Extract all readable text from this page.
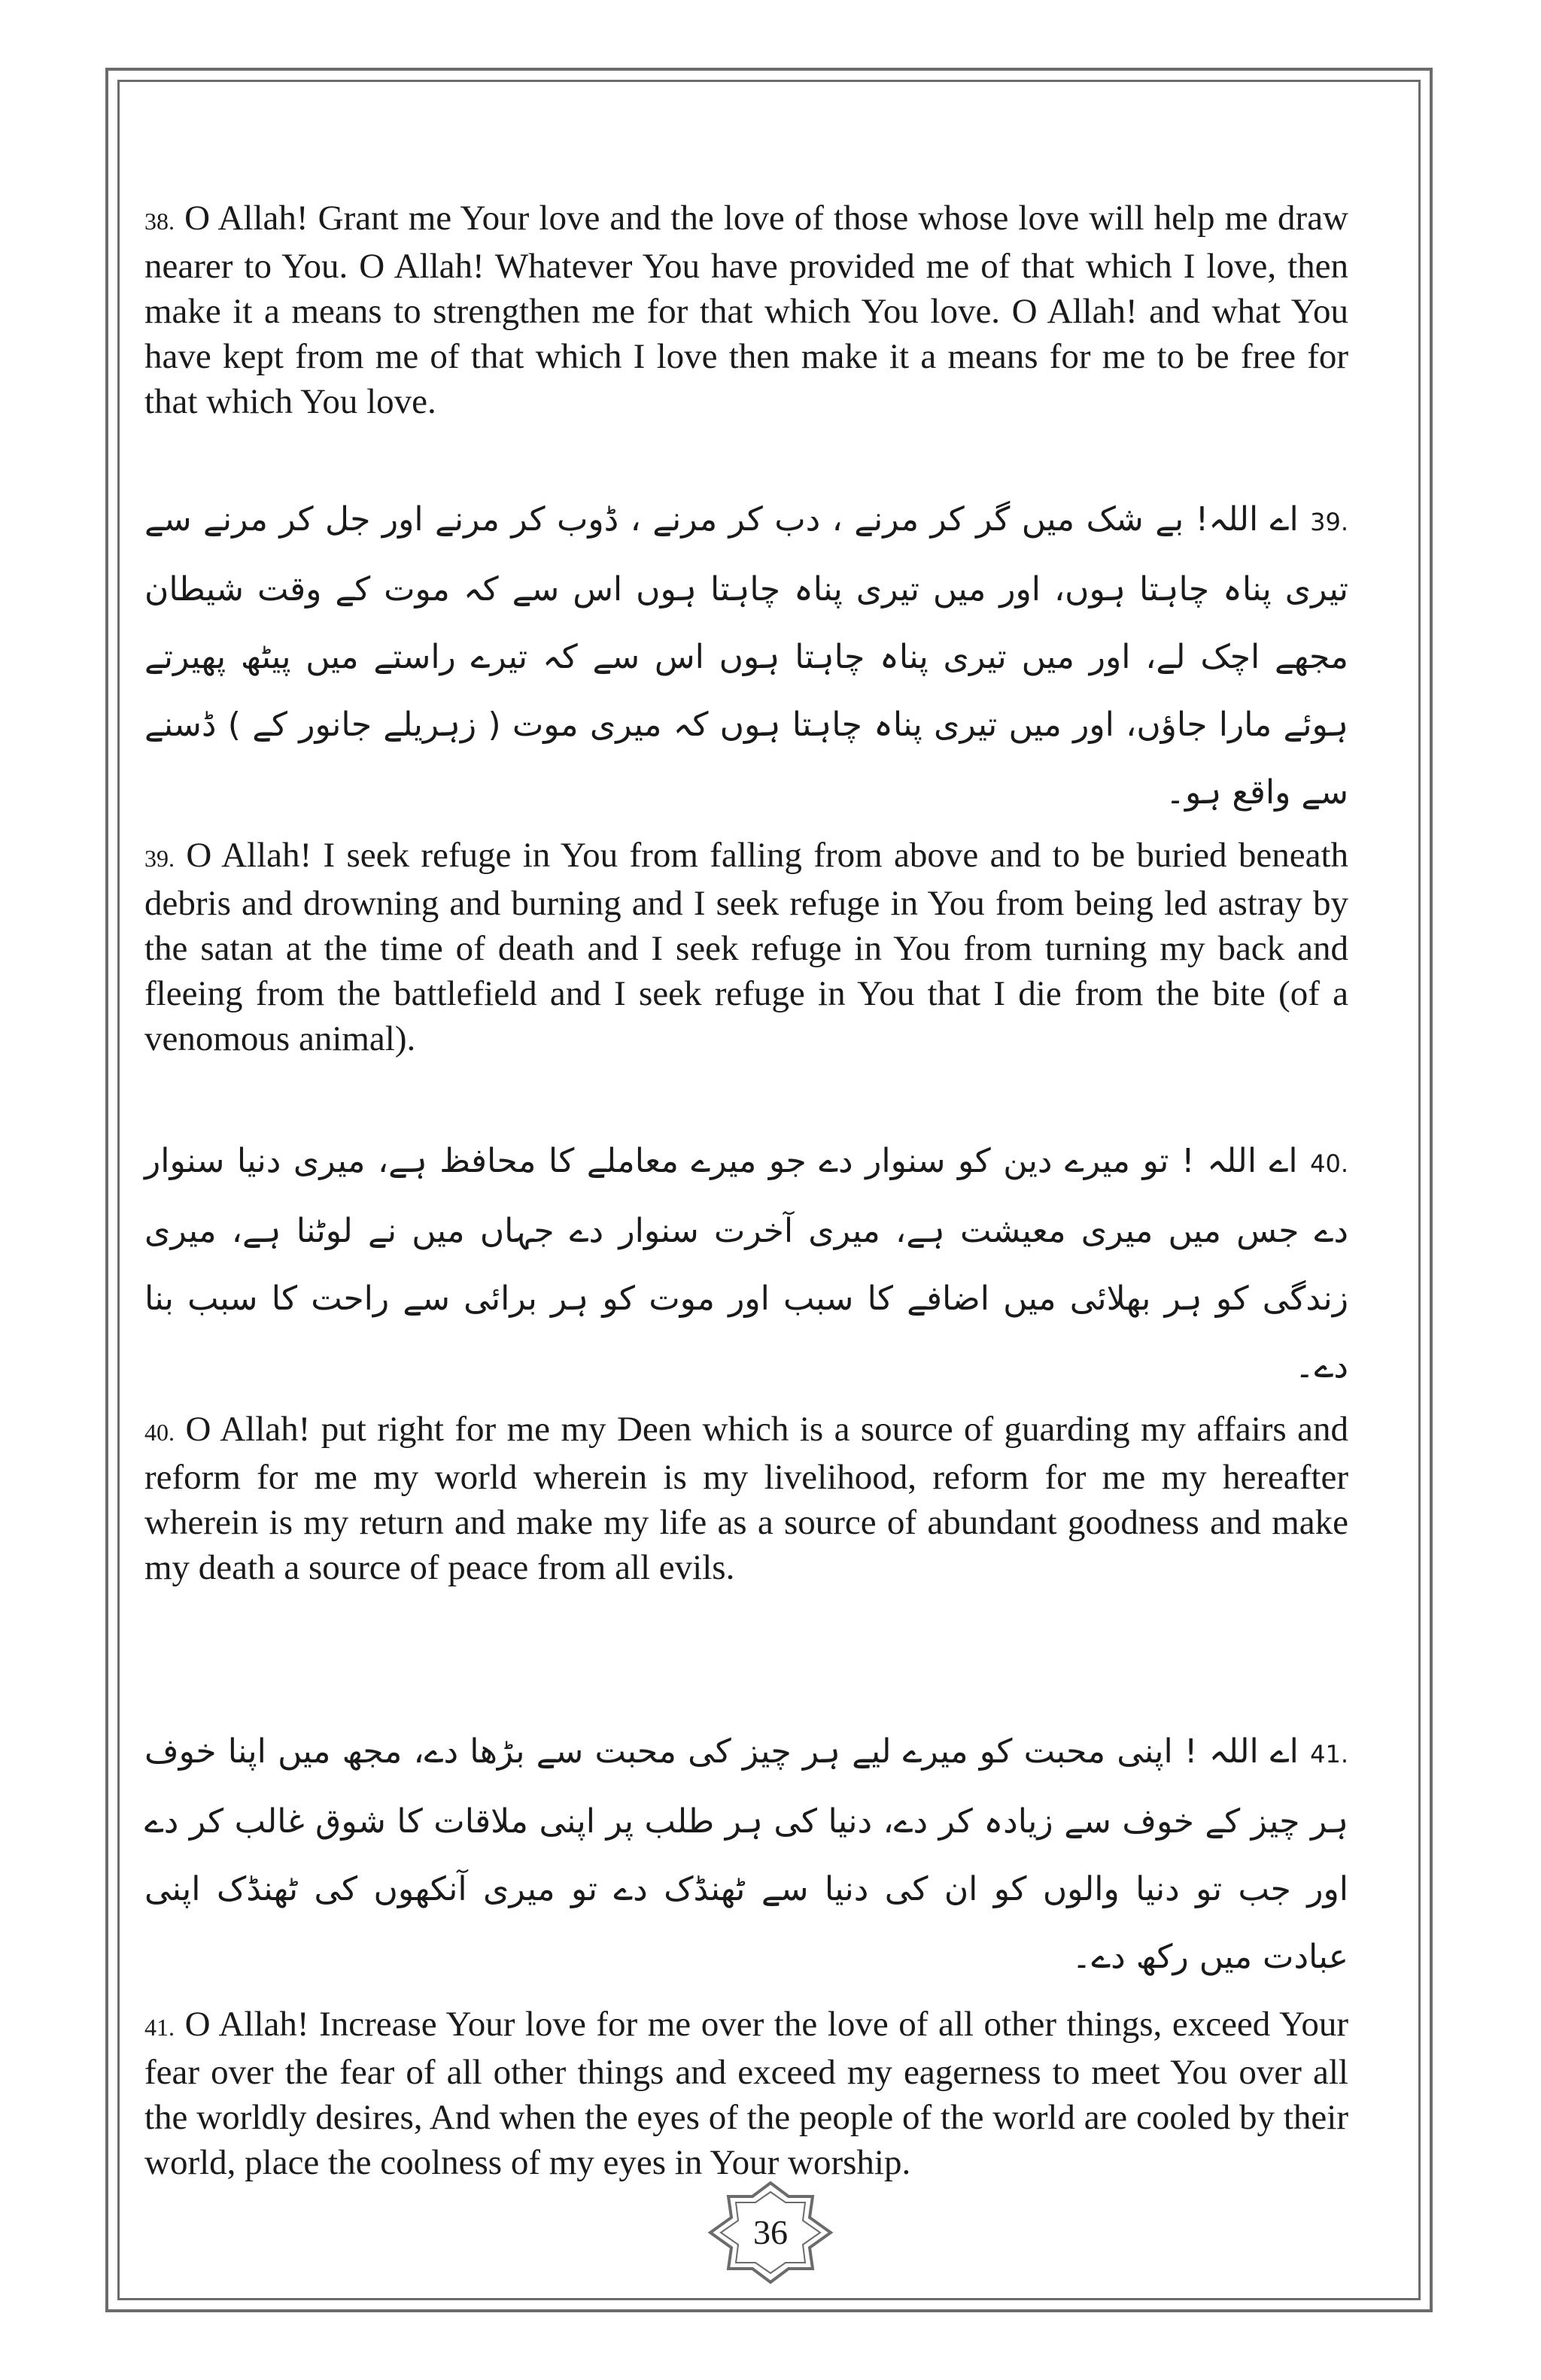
38. O Allah! Grant me Your love and the love of those whose love will help me draw nearer to You. O Allah! Whatever You have provided me of that which I love, then make it a means to strengthen me for that which You love. O Allah! and what You have kept from me of that which I love then make it a means for me to be free for that which You love.

39. اے اللہ! بے شک میں گر کر مرنے ، دب کر مرنے ، ڈوب کر مرنے اور جل کر مرنے سے تیری پناہ چاہتا ہوں، اور میں تیری پناہ چاہتا ہوں اس سے کہ موت کے وقت شیطان مجھے اچک لے، اور میں تیری پناہ چاہتا ہوں اس سے کہ تیرے راستے میں پیٹھ پھیرتے ہوئے مارا جاؤں، اور میں تیری پناہ چاہتا ہوں کہ میری موت ( زہریلے جانور کے ) ڈسنے سے واقع ہو۔

39. O Allah! I seek refuge in You from falling from above and to be buried beneath debris and drowning and burning and I seek refuge in You from being led astray by the satan at the time of death and I seek refuge in You from turning my back and fleeing from the battlefield and I seek refuge in You that I die from the bite (of a venomous animal).

40. اے اللہ ! تو میرے دین کو سنوار دے جو میرے معاملے کا محافظ ہے، میری دنیا سنوار دے جس میں میری معیشت ہے، میری آخرت سنوار دے جہاں میں نے لوٹنا ہے، میری زندگی کو ہر بھلائی میں اضافے کا سبب اور موت کو ہر برائی سے راحت کا سبب بنا دے۔

40. O Allah! put right for me my Deen which is a source of guarding my affairs and reform for me my world wherein is my livelihood, reform for me my hereafter wherein is my return and make my life as a source of abundant goodness and make my death a source of peace from all evils.

41. اے اللہ ! اپنی محبت کو میرے لیے ہر چیز کی محبت سے بڑھا دے، مجھ میں اپنا خوف ہر چیز کے خوف سے زیادہ کر دے، دنیا کی ہر طلب پر اپنی ملاقات کا شوق غالب کر دے اور جب تو دنیا والوں کو ان کی دنیا سے ٹھنڈک دے تو میری آنکھوں کی ٹھنڈک اپنی عبادت میں رکھ دے۔

41. O Allah! Increase Your love for me over the love of all other things, exceed Your fear over the fear of all other things and exceed my eagerness to meet You over all the worldly desires, And when the eyes of the people of the world are cooled by their world, place the coolness of my eyes in Your worship.

36
